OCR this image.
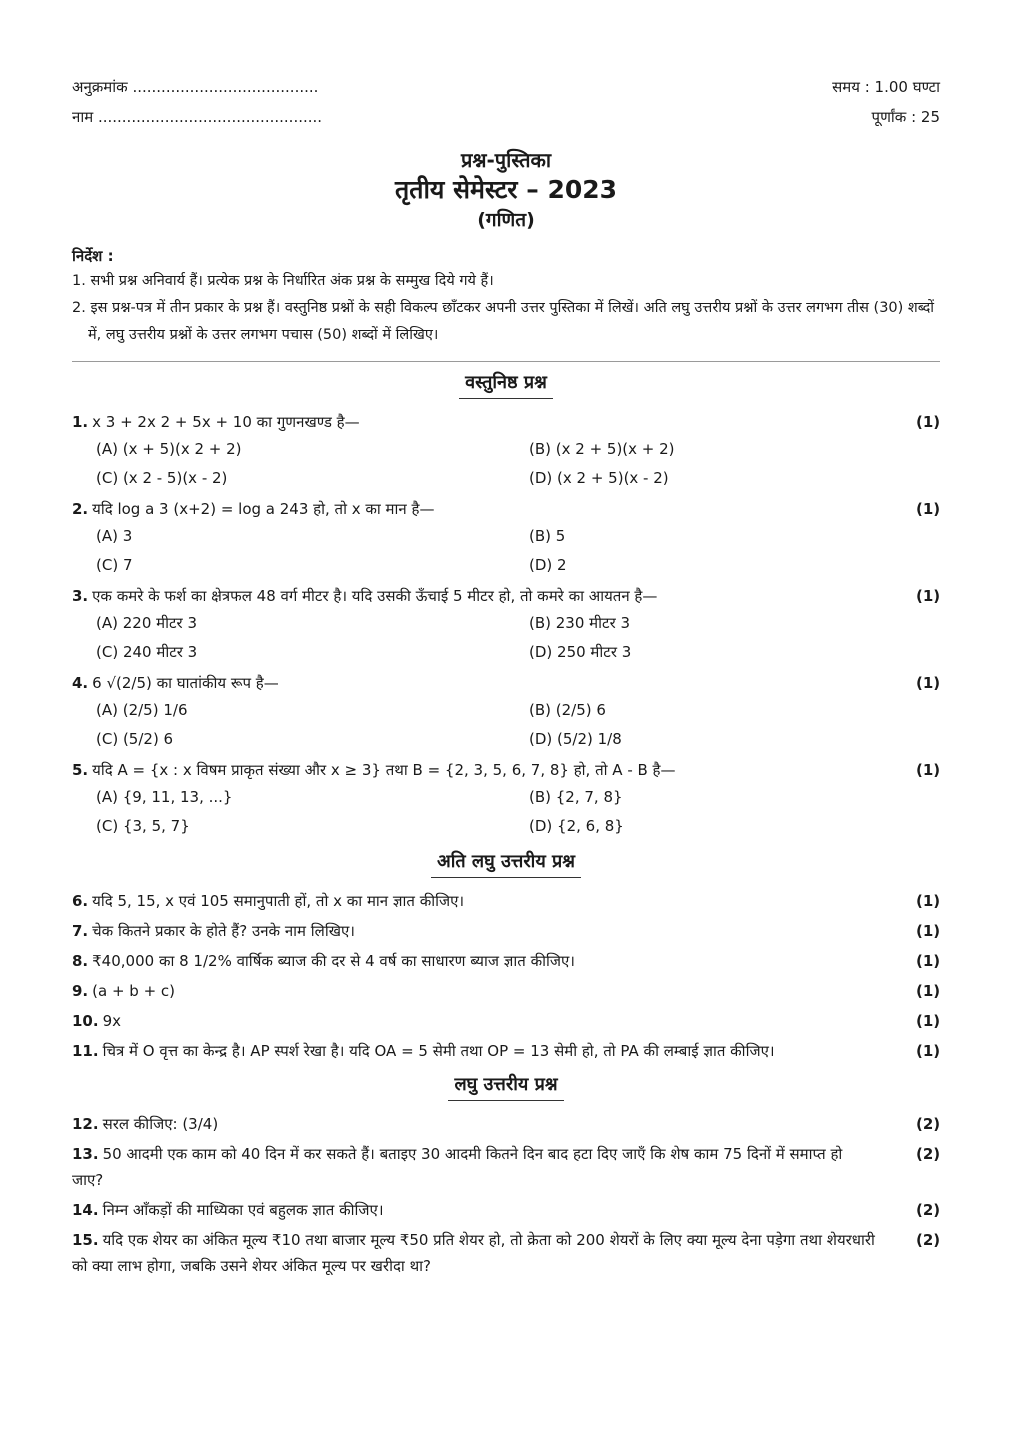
अनुक्रमांक .......................................	समय : 1.00 घण्टा
नाम ...............................................	पूर्णांक : 25
प्रश्न-पुस्तिका
तृतीय सेमेस्टर – 2023
(गणित)
निर्देश :
1. सभी प्रश्न अनिवार्य हैं। प्रत्येक प्रश्न के निर्धारित अंक प्रश्न के सम्मुख दिये गये हैं।
2. इस प्रश्न-पत्र में तीन प्रकार के प्रश्न हैं। वस्तुनिष्ठ प्रश्नों के सही विकल्प छाँटकर अपनी उत्तर पुस्तिका में लिखें। अति लघु उत्तरीय प्रश्नों के उत्तर लगभग तीस (30) शब्दों में, लघु उत्तरीय प्रश्नों के उत्तर लगभग पचास (50) शब्दों में लिखिए।
वस्तुनिष्ठ प्रश्न
1. x 3 + 2x 2 + 5x + 10 का गुणनखण्ड है—	(1)
(A) (x + 5)(x 2 + 2)	(B) (x 2 + 5)(x + 2)
(C) (x 2 - 5)(x - 2)	(D) (x 2 + 5)(x - 2)
2. यदि log a 3 (x+2) = log a 243 हो, तो x का मान है—	(1)
(A) 3	(B) 5
(C) 7	(D) 2
3. एक कमरे के फर्श का क्षेत्रफल 48 वर्ग मीटर है। यदि उसकी ऊँचाई 5 मीटर हो, तो कमरे का आयतन है—	(1)
(A) 220 मीटर 3	(B) 230 मीटर 3
(C) 240 मीटर 3	(D) 250 मीटर 3
4. 6 √(2/5) का घातांकीय रूप है—	(1)
(A) (2/5) 1/6	(B) (2/5) 6
(C) (5/2) 6	(D) (5/2) 1/8
5. यदि A = {x : x विषम प्राकृत संख्या और x ≥ 3} तथा B = {2, 3, 5, 6, 7, 8} हो, तो A - B है—	(1)
(A) {9, 11, 13, ...}	(B) {2, 7, 8}
(C) {3, 5, 7}	(D) {2, 6, 8}
अति लघु उत्तरीय प्रश्न
6. यदि 5, 15, x एवं 105 समानुपाती हों, तो x का मान ज्ञात कीजिए।	(1)
7. चेक कितने प्रकार के होते हैं? उनके नाम लिखिए।	(1)
8. ₹40,000 का 8 1/2% वार्षिक ब्याज की दर से 4 वर्ष का साधारण ब्याज ज्ञात कीजिए।	(1)
9. (a + b + c)	(1)
10. 9x	(1)
11. चित्र में O वृत्त का केन्द्र है। AP स्पर्श रेखा है। यदि OA = 5 सेमी तथा OP = 13 सेमी हो, तो PA की लम्बाई ज्ञात कीजिए।	(1)
लघु उत्तरीय प्रश्न
12. सरल कीजिए: (3/4)	(2)
13. 50 आदमी एक काम को 40 दिन में कर सकते हैं। बताइए 30 आदमी कितने दिन बाद हटा दिए जाएँ कि शेष काम 75 दिनों में समाप्त हो जाए?
(2)
14. निम्न आँकड़ों की माध्यिका एवं बहुलक ज्ञात कीजिए।	(2)
15. यदि एक शेयर का अंकित मूल्य ₹10 तथा बाजार मूल्य ₹50 प्रति शेयर हो, तो क्रेता को 200 शेयरों के लिए क्या मूल्य देना पड़ेगा तथा शेयरधारी को क्या लाभ होगा, जबकि उसने शेयर अंकित मूल्य पर खरीदा था?
(2)
